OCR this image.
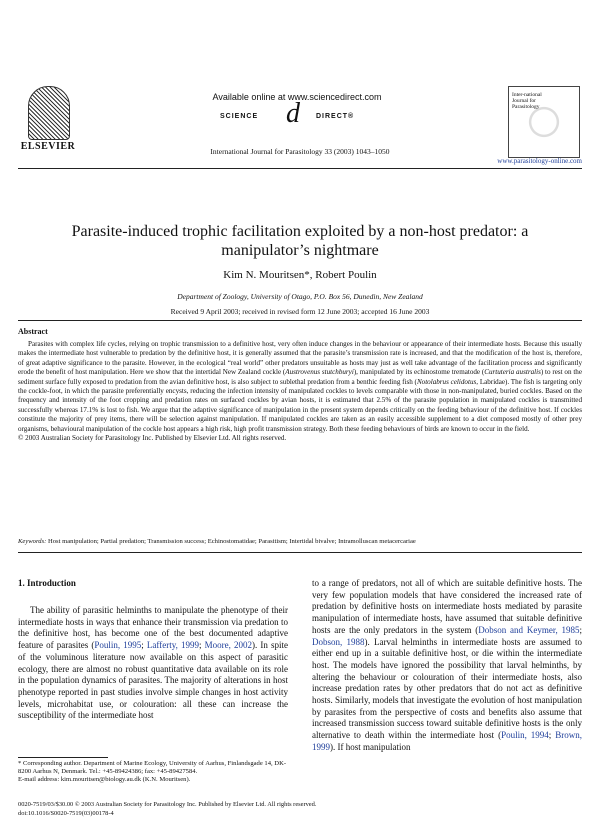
ELSEVIER
Available online at www.sciencedirect.com
SCIENCE d DIRECT®
International Journal for Parasitology 33 (2003) 1043–1050
Inter-national Journal for Parasitology
www.parasitology-online.com
Parasite-induced trophic facilitation exploited by a non-host predator: a manipulator’s nightmare
Kim N. Mouritsen*, Robert Poulin
Department of Zoology, University of Otago, P.O. Box 56, Dunedin, New Zealand
Received 9 April 2003; received in revised form 12 June 2003; accepted 16 June 2003
Abstract
Parasites with complex life cycles, relying on trophic transmission to a definitive host, very often induce changes in the behaviour or appearance of their intermediate hosts. Because this usually makes the intermediate host vulnerable to predation by the definitive host, it is generally assumed that the parasite’s transmission rate is increased, and that the modification of the host is, therefore, of great adaptive significance to the parasite. However, in the ecological “real world” other predators unsuitable as hosts may just as well take advantage of the facilitation process and significantly erode the benefit of host manipulation. Here we show that the intertidal New Zealand cockle (Austrovenus stutchburyi), manipulated by its echinostome trematode (Curtuteria australis) to rest on the sediment surface fully exposed to predation from the avian definitive host, is also subject to sublethal predation from a benthic feeding fish (Notolabrus celidotus, Labridae). The fish is targeting only the cockle-foot, in which the parasite preferentially encysts, reducing the infection intensity of manipulated cockles to levels comparable with those in non-manipulated, buried cockles. Based on the frequency and intensity of the foot cropping and predation rates on surfaced cockles by avian hosts, it is estimated that 2.5% of the parasite population in manipulated cockles is transmitted successfully whereas 17.1% is lost to fish. We argue that the adaptive significance of manipulation in the present system depends critically on the feeding behaviour of the definitive host. If cockles constitute the majority of prey items, there will be selection against manipulation. If manipulated cockles are taken as an easily accessible supplement to a diet composed mostly of other prey organisms, behavioural manipulation of the cockle host appears a high risk, high profit transmission strategy. Both these feeding behaviours of birds are known to occur in the field.
© 2003 Australian Society for Parasitology Inc. Published by Elsevier Ltd. All rights reserved.
Keywords: Host manipulation; Partial predation; Transmission success; Echinostomatidae; Parasitism; Intertidal bivalve; Intramolluscan metacercariae
1. Introduction

The ability of parasitic helminths to manipulate the phenotype of their intermediate hosts in ways that enhance their transmission via predation to the definitive host, has become one of the best documented adaptive feature of parasites (Poulin, 1995; Lafferty, 1999; Moore, 2002). In spite of the voluminous literature now available on this aspect of parasitic ecology, there are almost no robust quantitative data available on its role in the population dynamics of parasites. The majority of alterations in host phenotype reported in past studies involve simple changes in host activity levels, microhabitat use, or colouration: all these can increase the susceptibility of the intermediate host

to a range of predators, not all of which are suitable definitive hosts. The very few population models that have considered the increased rate of predation by definitive hosts on intermediate hosts mediated by parasite manipulation of intermediate hosts, have assumed that suitable definitive hosts are the only predators in the system (Dobson and Keymer, 1985; Dobson, 1988). Larval helminths in intermediate hosts are assumed to either end up in a suitable definitive host, or die within the intermediate host. The models have ignored the possibility that larval helminths, by altering the behaviour or colouration of their intermediate hosts, also increase predation rates by other predators that do not act as definitive hosts. Similarly, models that investigate the evolution of host manipulation by parasites from the perspective of costs and benefits also assume that increased transmission success toward suitable definitive hosts is the only alternative to death within the intermediate host (Poulin, 1994; Brown, 1999). If host manipulation

* Corresponding author. Department of Marine Ecology, University of Aarhus, Finlandsgade 14, DK-8200 Aarhus N, Denmark. Tel.: +45-89424386; fax: +45-89427584.
E-mail address: kim.mouritsen@biology.au.dk (K.N. Mouritsen).
0020-7519/03/$30.00 © 2003 Australian Society for Parasitology Inc. Published by Elsevier Ltd. All rights reserved.
doi:10.1016/S0020-7519(03)00178-4
